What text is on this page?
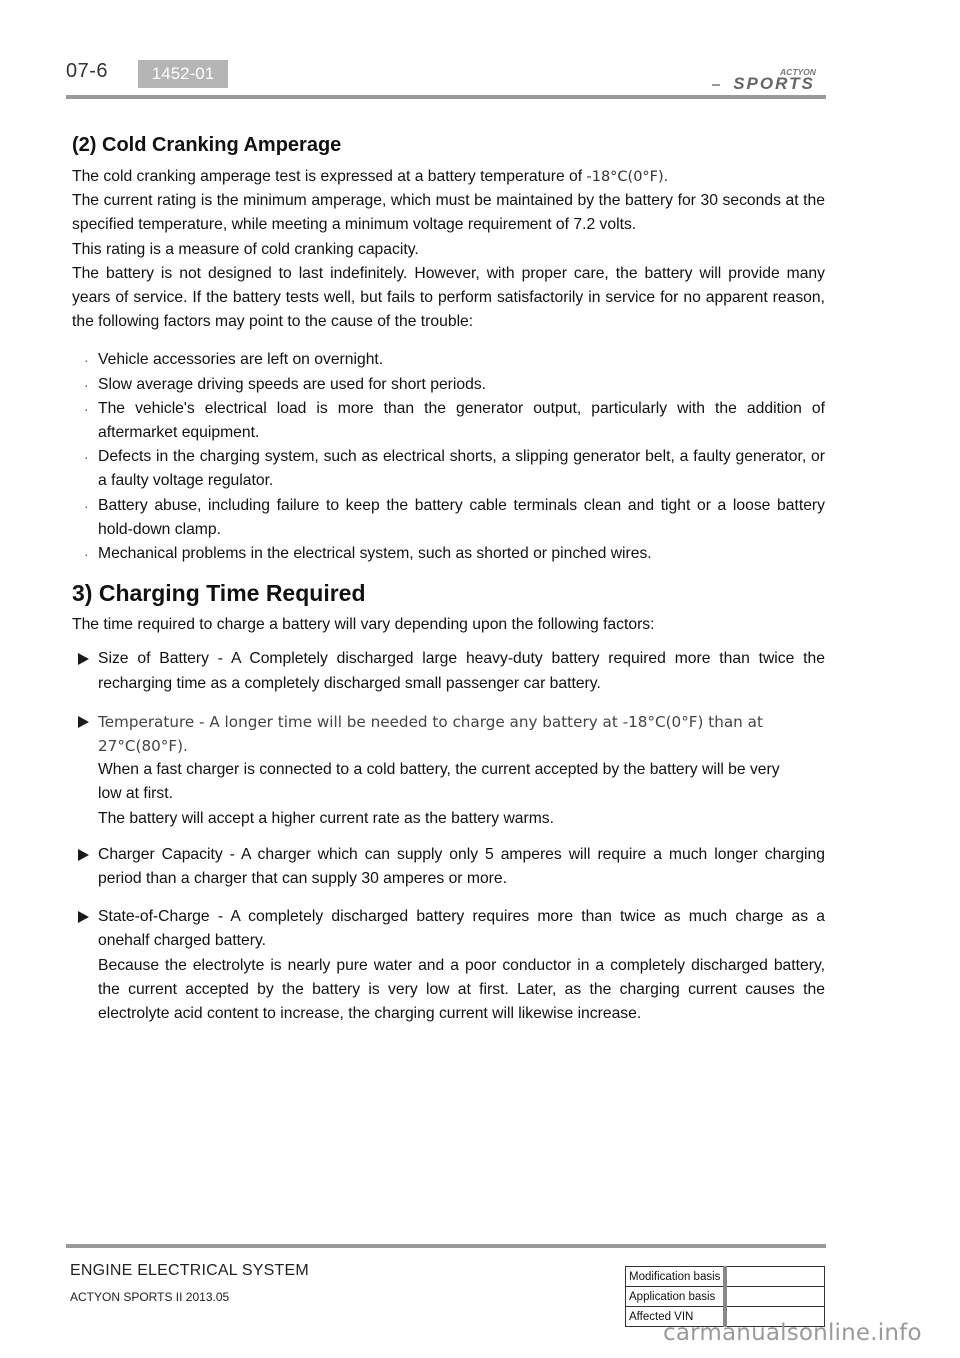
07-6	1452-01	ACTYON
SPORTS
(2) Cold Cranking Amperage

The cold cranking amperage test is expressed at a battery temperature of -18°C(0°F).

The current rating is the minimum amperage, which must be maintained by the battery for 30 seconds at the specified temperature, while meeting a minimum voltage requirement of 7.2 volts.

This rating is a measure of cold cranking capacity.

The battery is not designed to last indefinitely. However, with proper care, the battery will provide many years of service. If the battery tests well, but fails to perform satisfactorily in service for no apparent reason, the following factors may point to the cause of the trouble:

· Vehicle accessories are left on overnight.
· Slow average driving speeds are used for short periods.
· The vehicle's electrical load is more than the generator output, particularly with the addition of aftermarket equipment.
· Defects in the charging system, such as electrical shorts, a slipping generator belt, a faulty generator, or a faulty voltage regulator.
· Battery abuse, including failure to keep the battery cable terminals clean and tight or a loose battery hold-down clamp.
· Mechanical problems in the electrical system, such as shorted or pinched wires.
3) Charging Time Required

The time required to charge a battery will vary depending upon the following factors:

Size of Battery - A Completely discharged large heavy-duty battery required more than twice the recharging time as a completely discharged small passenger car battery.

Temperature - A longer time will be needed to charge any battery at -18°C(0°F) than at 27°C(80°F).

When a fast charger is connected to a cold battery, the current accepted by the battery will be very low at first.

The battery will accept a higher current rate as the battery warms.

Charger Capacity - A charger which can supply only 5 amperes will require a much longer charging period than a charger that can supply 30 amperes or more.

State-of-Charge - A completely discharged battery requires more than twice as much charge as a onehalf charged battery.

Because the electrolyte is nearly pure water and a poor conductor in a completely discharged battery, the current accepted by the battery is very low at first. Later, as the charging current causes the electrolyte acid content to increase, the charging current will likewise increase.

ENGINE ELECTRICAL SYSTEM
ACTYON SPORTS II 2013.05
Modification basis	
Application basis	
Affected VIN	
carmanualsonline.info
